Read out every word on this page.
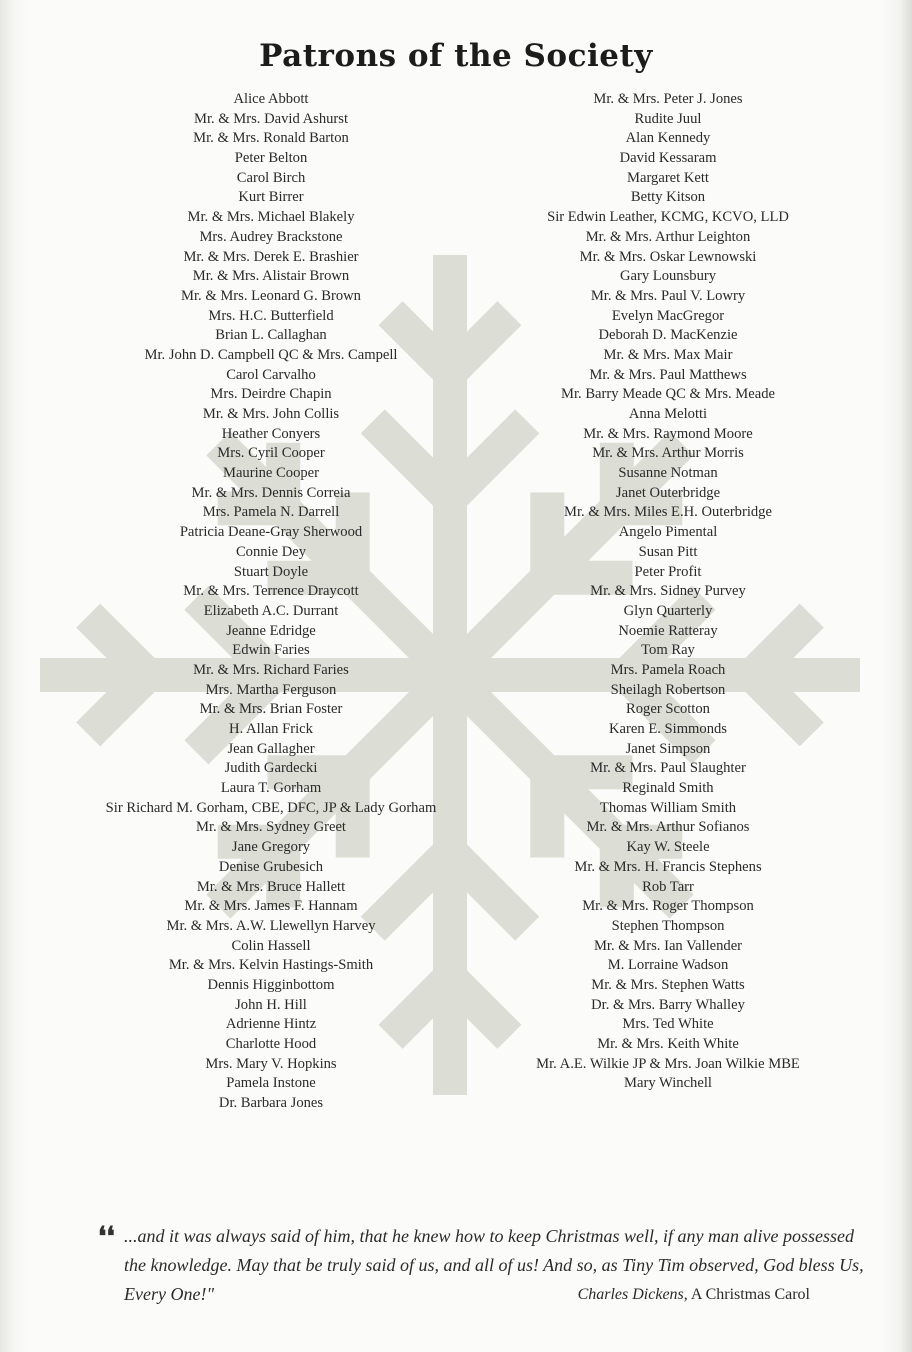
Patrons of the Society
Alice Abbott
Mr. & Mrs. David Ashurst
Mr. & Mrs. Ronald Barton
Peter Belton
Carol Birch
Kurt Birrer
Mr. & Mrs. Michael Blakely
Mrs. Audrey Brackstone
Mr. & Mrs. Derek E. Brashier
Mr. & Mrs. Alistair Brown
Mr. & Mrs. Leonard G. Brown
Mrs. H.C. Butterfield
Brian L. Callaghan
Mr. John D. Campbell QC & Mrs. Campell
Carol Carvalho
Mrs. Deirdre Chapin
Mr. & Mrs. John Collis
Heather Conyers
Mrs. Cyril Cooper
Maurine Cooper
Mr. & Mrs. Dennis Correia
Mrs. Pamela N. Darrell
Patricia Deane-Gray Sherwood
Connie Dey
Stuart Doyle
Mr. & Mrs. Terrence Draycott
Elizabeth A.C. Durrant
Jeanne Edridge
Edwin Faries
Mr. & Mrs. Richard Faries
Mrs. Martha Ferguson
Mr. & Mrs. Brian Foster
H. Allan Frick
Jean Gallagher
Judith Gardecki
Laura T. Gorham
Sir Richard M. Gorham, CBE, DFC, JP & Lady Gorham
Mr. & Mrs. Sydney Greet
Jane Gregory
Denise Grubesich
Mr. & Mrs. Bruce Hallett
Mr. & Mrs. James F. Hannam
Mr. & Mrs. A.W. Llewellyn Harvey
Colin Hassell
Mr. & Mrs. Kelvin Hastings-Smith
Dennis Higginbottom
John H. Hill
Adrienne Hintz
Charlotte Hood
Mrs. Mary V. Hopkins
Pamela Instone
Dr. Barbara Jones
Mr. & Mrs. Peter J. Jones
Rudite Juul
Alan Kennedy
David Kessaram
Margaret Kett
Betty Kitson
Sir Edwin Leather, KCMG, KCVO, LLD
Mr. & Mrs. Arthur Leighton
Mr. & Mrs. Oskar Lewnowski
Gary Lounsbury
Mr. & Mrs. Paul V. Lowry
Evelyn MacGregor
Deborah D. MacKenzie
Mr. & Mrs. Max Mair
Mr. & Mrs. Paul Matthews
Mr. Barry Meade QC & Mrs. Meade
Anna Melotti
Mr. & Mrs. Raymond Moore
Mr. & Mrs. Arthur Morris
Susanne Notman
Janet Outerbridge
Mr. & Mrs. Miles E.H. Outerbridge
Angelo Pimental
Susan Pitt
Peter Profit
Mr. & Mrs. Sidney Purvey
Glyn Quarterly
Noemie Ratteray
Tom Ray
Mrs. Pamela Roach
Sheilagh Robertson
Roger Scotton
Karen E. Simmonds
Janet Simpson
Mr. & Mrs. Paul Slaughter
Reginald Smith
Thomas William Smith
Mr. & Mrs. Arthur Sofianos
Kay W. Steele
Mr. & Mrs. H. Francis Stephens
Rob Tarr
Mr. & Mrs. Roger Thompson
Stephen Thompson
Mr. & Mrs. Ian Vallender
M. Lorraine Wadson
Mr. & Mrs. Stephen Watts
Dr. & Mrs. Barry Whalley
Mrs. Ted White
Mr. & Mrs. Keith White
Mr. A.E. Wilkie JP & Mrs. Joan Wilkie MBE
Mary Winchell
❛❛ ...and it was always said of him, that he knew how to keep Christmas well, if any man alive possessed the knowledge. May that be truly said of us, and all of us! And so, as Tiny Tim observed, God bless Us, Every One!"	Charles Dickens, A Christmas Carol
